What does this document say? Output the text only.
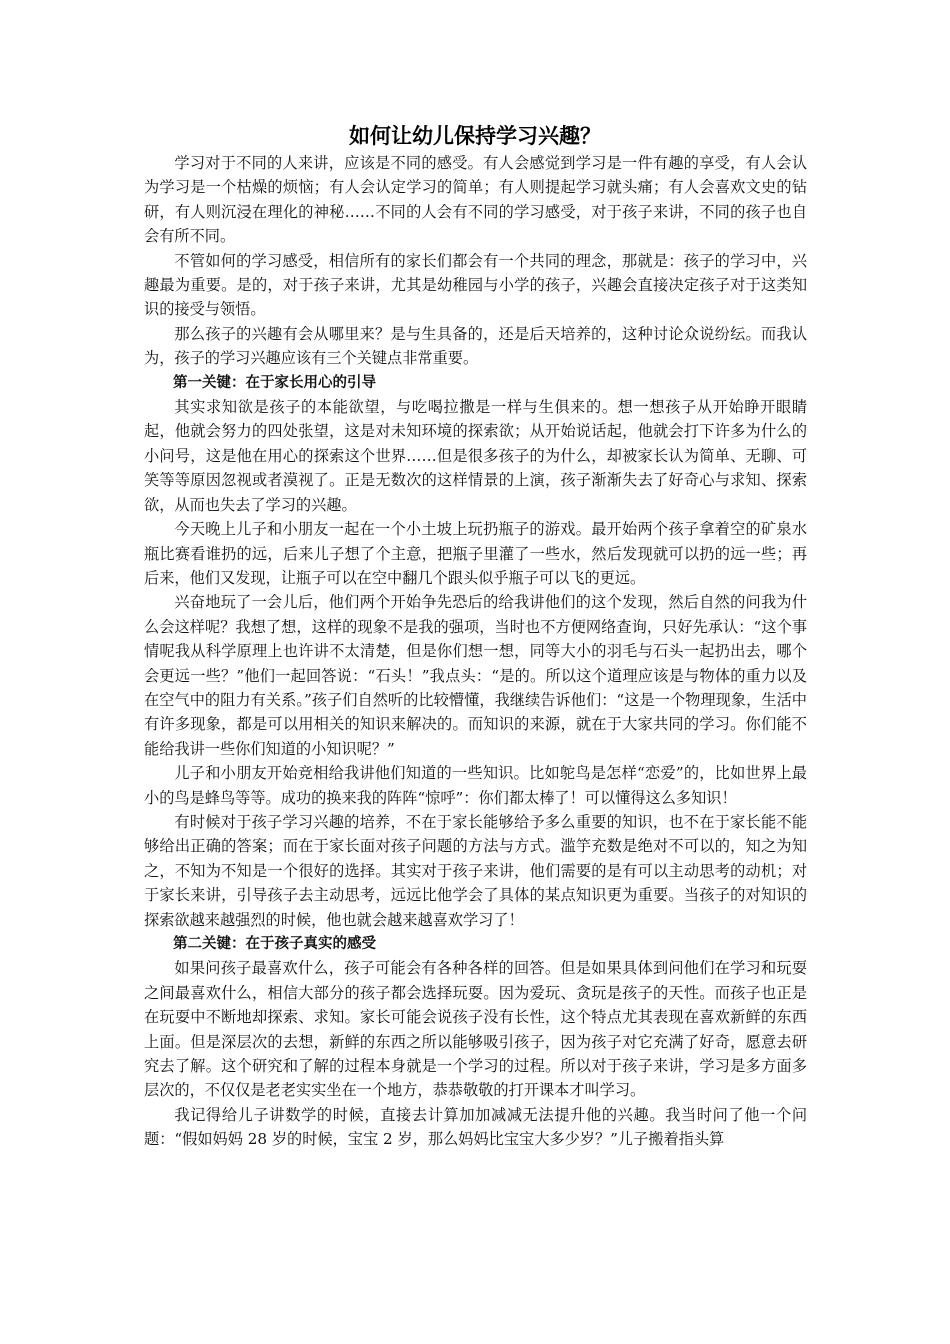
如何让幼儿保持学习兴趣？

学习对于不同的人来讲，应该是不同的感受。有人会感觉到学习是一件有趣的享受，有人会认为学习是一个枯燥的烦恼；有人会认定学习的简单；有人则提起学习就头痛；有人会喜欢文史的钻研，有人则沉浸在理化的神秘……不同的人会有不同的学习感受，对于孩子来讲，不同的孩子也自会有所不同。

不管如何的学习感受，相信所有的家长们都会有一个共同的理念，那就是：孩子的学习中，兴趣最为重要。是的，对于孩子来讲，尤其是幼稚园与小学的孩子，兴趣会直接决定孩子对于这类知识的接受与领悟。

那么孩子的兴趣有会从哪里来？是与生具备的，还是后天培养的，这种讨论众说纷纭。而我认为，孩子的学习兴趣应该有三个关键点非常重要。

第一关键：在于家长用心的引导

其实求知欲是孩子的本能欲望，与吃喝拉撒是一样与生俱来的。想一想孩子从开始睁开眼睛起，他就会努力的四处张望，这是对未知环境的探索欲；从开始说话起，他就会打下许多为什么的小问号，这是他在用心的探索这个世界……但是很多孩子的为什么，却被家长认为简单、无聊、可笑等等原因忽视或者漠视了。正是无数次的这样情景的上演，孩子渐渐失去了好奇心与求知、探索欲，从而也失去了学习的兴趣。

今天晚上儿子和小朋友一起在一个小土坡上玩扔瓶子的游戏。最开始两个孩子拿着空的矿泉水瓶比赛看谁扔的远，后来儿子想了个主意，把瓶子里灌了一些水，然后发现就可以扔的远一些；再后来，他们又发现，让瓶子可以在空中翻几个跟头似乎瓶子可以飞的更远。

兴奋地玩了一会儿后，他们两个开始争先恐后的给我讲他们的这个发现，然后自然的问我为什么会这样呢？我想了想，这样的现象不是我的强项，当时也不方便网络查询，只好先承认：“这个事情呢我从科学原理上也许讲不太清楚，但是你们想一想，同等大小的羽毛与石头一起扔出去，哪个会更远一些？”他们一起回答说：“石头！”我点头：“是的。所以这个道理应该是与物体的重力以及在空气中的阻力有关系。”孩子们自然听的比较懵懂，我继续告诉他们：“这是一个物理现象，生活中有许多现象，都是可以用相关的知识来解决的。而知识的来源，就在于大家共同的学习。你们能不能给我讲一些你们知道的小知识呢？”

儿子和小朋友开始竞相给我讲他们知道的一些知识。比如鸵鸟是怎样“恋爱”的，比如世界上最小的鸟是蜂鸟等等。成功的换来我的阵阵“惊呼”：你们都太棒了！可以懂得这么多知识！

有时候对于孩子学习兴趣的培养，不在于家长能够给予多么重要的知识，也不在于家长能不能够给出正确的答案；而在于家长面对孩子问题的方法与方式。滥竽充数是绝对不可以的，知之为知之，不知为不知是一个很好的选择。其实对于孩子来讲，他们需要的是有可以主动思考的动机；对于家长来讲，引导孩子去主动思考，远远比他学会了具体的某点知识更为重要。当孩子的对知识的探索欲越来越强烈的时候，他也就会越来越喜欢学习了！

第二关键：在于孩子真实的感受

如果问孩子最喜欢什么，孩子可能会有各种各样的回答。但是如果具体到问他们在学习和玩耍之间最喜欢什么，相信大部分的孩子都会选择玩耍。因为爱玩、贪玩是孩子的天性。而孩子也正是在玩耍中不断地却探索、求知。家长可能会说孩子没有长性，这个特点尤其表现在喜欢新鲜的东西上面。但是深层次的去想，新鲜的东西之所以能够吸引孩子，因为孩子对它充满了好奇，愿意去研究去了解。这个研究和了解的过程本身就是一个学习的过程。所以对于孩子来讲，学习是多方面多层次的，不仅仅是老老实实坐在一个地方，恭恭敬敬的打开课本才叫学习。

我记得给儿子讲数学的时候，直接去计算加加减减无法提升他的兴趣。我当时问了他一个问题：“假如妈妈 28 岁的时候，宝宝 2 岁，那么妈妈比宝宝大多少岁？”儿子搬着指头算
